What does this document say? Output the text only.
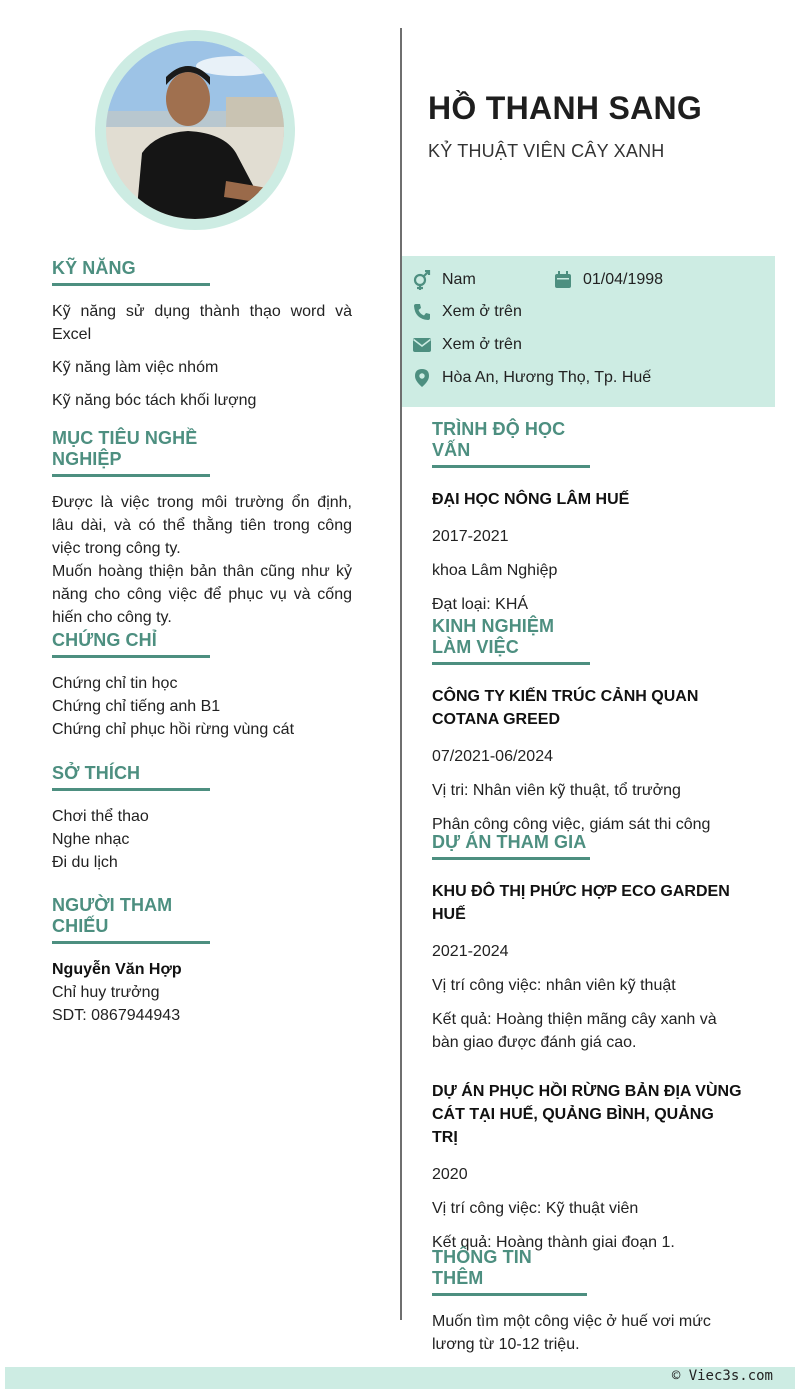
HỒ THANH SANG
KỶ THUẬT VIÊN CÂY XANH
Nam	01/04/1998
Xem ở trên
Xem ở trên
Hòa An, Hương Thọ, Tp. Huế
KỸ NĂNG

Kỹ năng sử dụng thành thạo word và Excel

Kỹ năng làm việc nhóm

Kỹ năng bóc tách khối lượng

MỤC TIÊU NGHỀ NGHIỆP

Được là việc trong môi trường ổn định, lâu dài, và có thể thằng tiên trong công việc trong công ty.

Muốn hoàng thiện bản thân cũng như kỷ năng cho công việc để phục vụ và cống hiến cho công ty.

CHỨNG CHỈ

Chứng chỉ tin học

Chứng chỉ tiếng anh B1

Chứng chỉ phục hồi rừng vùng cát

SỞ THÍCH

Chơi thể thao

Nghe nhạc

Đi du lịch

NGƯỜI THAM CHIẾU

Nguyễn Văn Hợp

Chỉ huy trưởng

SDT: 0867944943

TRÌNH ĐỘ HỌC VẤN

ĐẠI HỌC NÔNG LÂM HUẾ

2017-2021

khoa Lâm Nghiệp

Đạt loại: KHÁ

KINH NGHIỆM LÀM VIỆC

CÔNG TY KIẾN TRÚC CẢNH QUAN COTANA GREED

07/2021-06/2024

Vị tri: Nhân viên kỹ thuật, tổ trưởng

Phân công công việc, giám sát thi công

DỰ ÁN THAM GIA

KHU ĐÔ THỊ PHỨC HỢP ECO GARDEN HUẾ

2021-2024

Vị trí công việc: nhân viên kỹ thuật

Kết quả: Hoàng thiện mãng cây xanh và bàn giao được đánh giá cao.

DỰ ÁN PHỤC HỒI RỪNG BẢN ĐỊA VÙNG CÁT TẠI HUẾ, QUẢNG BÌNH, QUẢNG TRỊ

2020

Vị trí công việc: Kỹ thuật viên

Kết quả: Hoàng thành giai đoạn 1.

THÔNG TIN THÊM

Muốn tìm một công việc ở huế vơi mức lương từ 10-12 triệu.

© Viec3s.com
